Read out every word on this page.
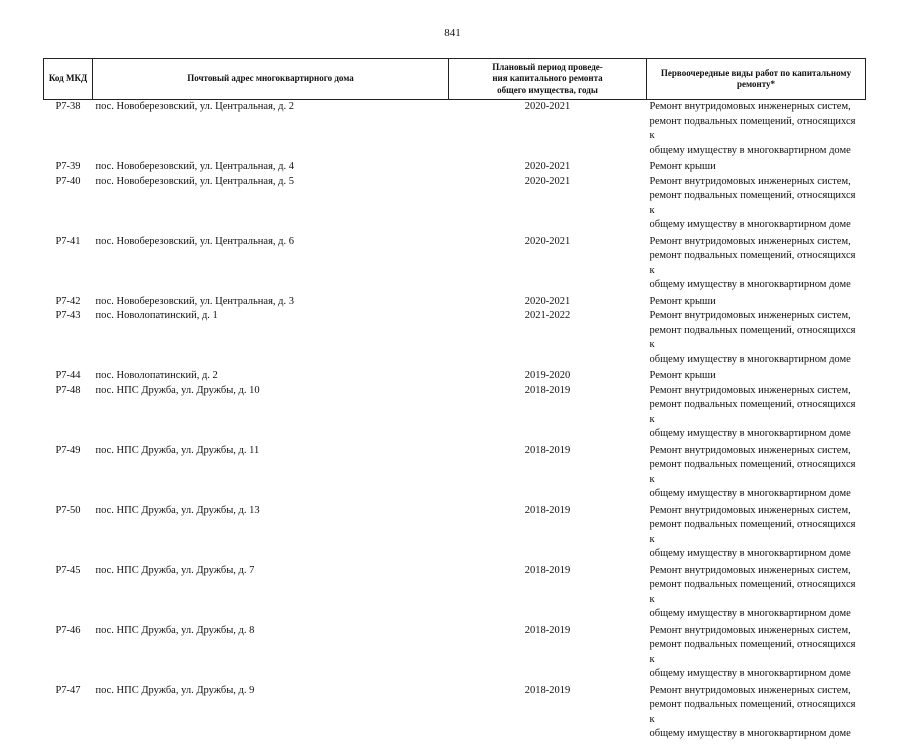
841
Код МКД	Почтовый адрес многоквартирного дома	Плановый период проведе-
ния капитального ремонта
общего имущества, годы	Первоочередные виды работ по капитальному
ремонту*
Р7-38	пос. Новоберезовский, ул. Центральная, д. 2	2020-2021	Ремонт внутридомовых инженерных систем,
ремонт подвальных помещений, относящихся к
общему имуществу в многоквартирном доме
Р7-39	пос. Новоберезовский, ул. Центральная, д. 4	2020-2021	Ремонт крыши
Р7-40	пос. Новоберезовский, ул. Центральная, д. 5	2020-2021	Ремонт внутридомовых инженерных систем,
ремонт подвальных помещений, относящихся к
общему имуществу в многоквартирном доме
Р7-41	пос. Новоберезовский, ул. Центральная, д. 6	2020-2021	Ремонт внутридомовых инженерных систем,
ремонт подвальных помещений, относящихся к
общему имуществу в многоквартирном доме
Р7-42	пос. Новоберезовский, ул. Центральная, д. 3	2020-2021	Ремонт крыши
Р7-43	пос. Новолопатинский, д. 1	2021-2022	Ремонт внутридомовых инженерных систем,
ремонт подвальных помещений, относящихся к
общему имуществу в многоквартирном доме
Р7-44	пос. Новолопатинский, д. 2	2019-2020	Ремонт крыши
Р7-48	пос. НПС Дружба, ул. Дружбы, д. 10	2018-2019	Ремонт внутридомовых инженерных систем,
ремонт подвальных помещений, относящихся к
общему имуществу в многоквартирном доме
Р7-49	пос. НПС Дружба, ул. Дружбы, д. 11	2018-2019	Ремонт внутридомовых инженерных систем,
ремонт подвальных помещений, относящихся к
общему имуществу в многоквартирном доме
Р7-50	пос. НПС Дружба, ул. Дружбы, д. 13	2018-2019	Ремонт внутридомовых инженерных систем,
ремонт подвальных помещений, относящихся к
общему имуществу в многоквартирном доме
Р7-45	пос. НПС Дружба, ул. Дружбы, д. 7	2018-2019	Ремонт внутридомовых инженерных систем,
ремонт подвальных помещений, относящихся к
общему имуществу в многоквартирном доме
Р7-46	пос. НПС Дружба, ул. Дружбы, д. 8	2018-2019	Ремонт внутридомовых инженерных систем,
ремонт подвальных помещений, относящихся к
общему имуществу в многоквартирном доме
Р7-47	пос. НПС Дружба, ул. Дружбы, д. 9	2018-2019	Ремонт внутридомовых инженерных систем,
ремонт подвальных помещений, относящихся к
общему имуществу в многоквартирном доме
